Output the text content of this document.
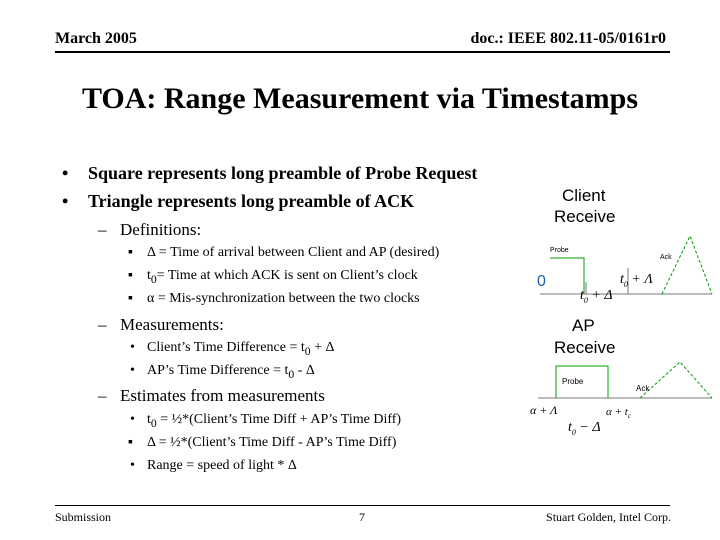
March 2005	doc.: IEEE 802.11-05/0161r0
TOA: Range Measurement via Timestamps
• Square represents long preamble of Probe Request
• Triangle represents long preamble of ACK
– Definitions:
▪ Δ = Time of arrival between Client and AP (desired)
▪ $t_0=$ Time at which ACK is sent on Client’s clock
▪ α = Mis-synchronization between the two clocks
– Measurements:
• Client’s Time Difference = $t_0 + \Delta$
• AP’s Time Difference = $t_0$ - Δ
– Estimates from measurements
• $t_0$ = ½*(Client’s Time Diff + AP’s Time Diff)
▪ Δ = ½*(Client’s Time Diff - AP’s Time Diff)
• Range = speed of light * Δ
Client
Receive
Probe
Ack
0	$t_0 + \Lambda$
$t_0 + \Delta$
AP
Receive
Probe
Ack
α + Λ	$\alpha + t_c$
$t_0 - \Delta$
Submission	7	Stuart Golden, Intel Corp.
